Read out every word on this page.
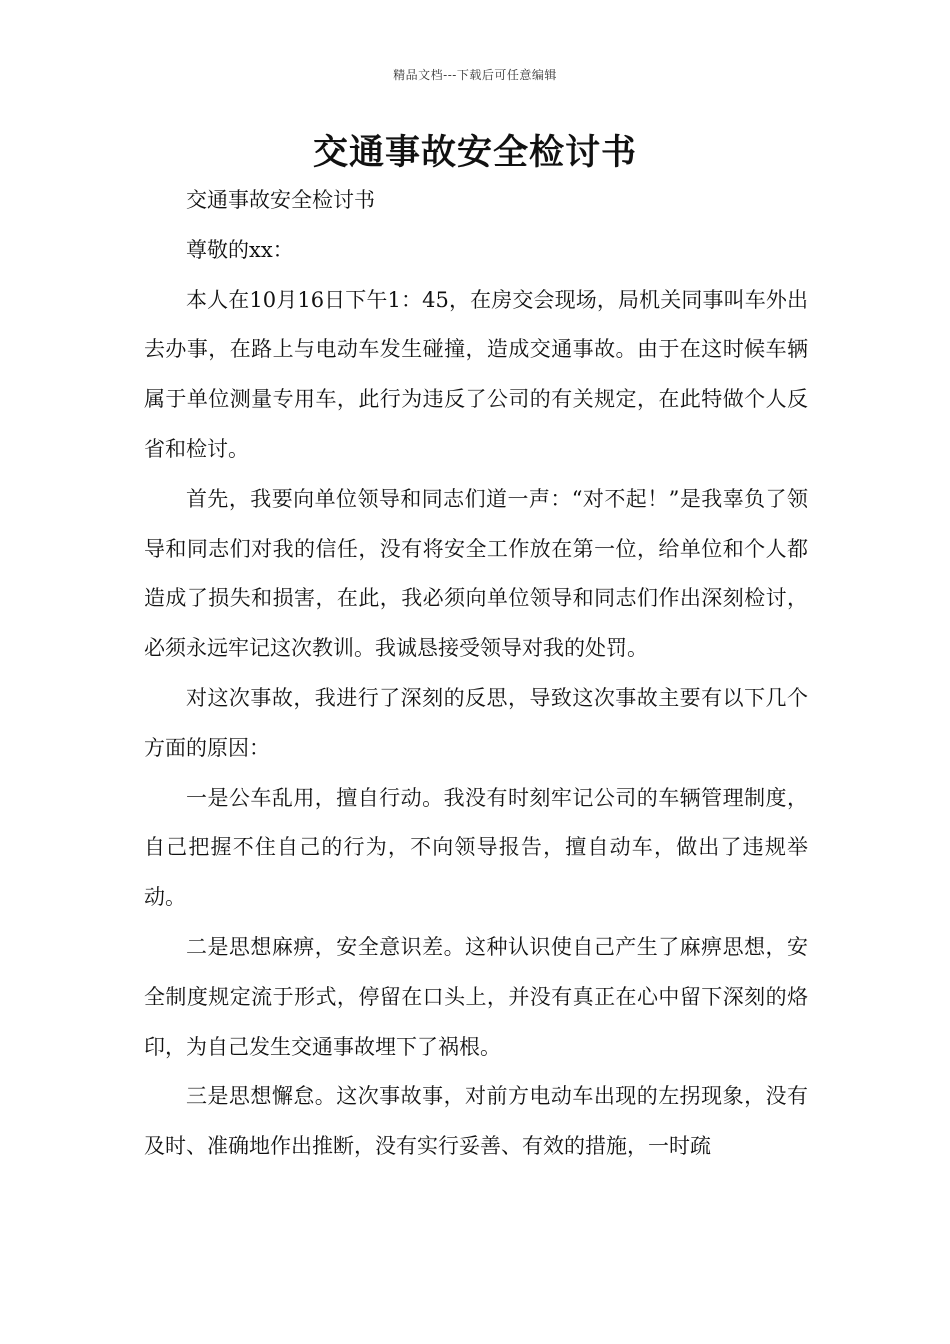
精品文档---下载后可任意编辑
交通事故安全检讨书

交通事故安全检讨书

尊敬的xx：

本人在10月16日下午1：45，在房交会现场，局机关同事叫车外出去办事，在路上与电动车发生碰撞，造成交通事故。由于在这时候车辆属于单位测量专用车，此行为违反了公司的有关规定，在此特做个人反省和检讨。

首先，我要向单位领导和同志们道一声：“对不起！”是我辜负了领导和同志们对我的信任，没有将安全工作放在第一位，给单位和个人都造成了损失和损害，在此，我必须向单位领导和同志们作出深刻检讨，必须永远牢记这次教训。我诚恳接受领导对我的处罚。

对这次事故，我进行了深刻的反思，导致这次事故主要有以下几个方面的原因：

一是公车乱用，擅自行动。我没有时刻牢记公司的车辆管理制度，自己把握不住自己的行为，不向领导报告，擅自动车，做出了违规举动。

二是思想麻痹，安全意识差。这种认识使自己产生了麻痹思想，安全制度规定流于形式，停留在口头上，并没有真正在心中留下深刻的烙印，为自己发生交通事故埋下了祸根。

三是思想懈怠。这次事故事，对前方电动车出现的左拐现象，没有及时、准确地作出推断，没有实行妥善、有效的措施，一时疏
